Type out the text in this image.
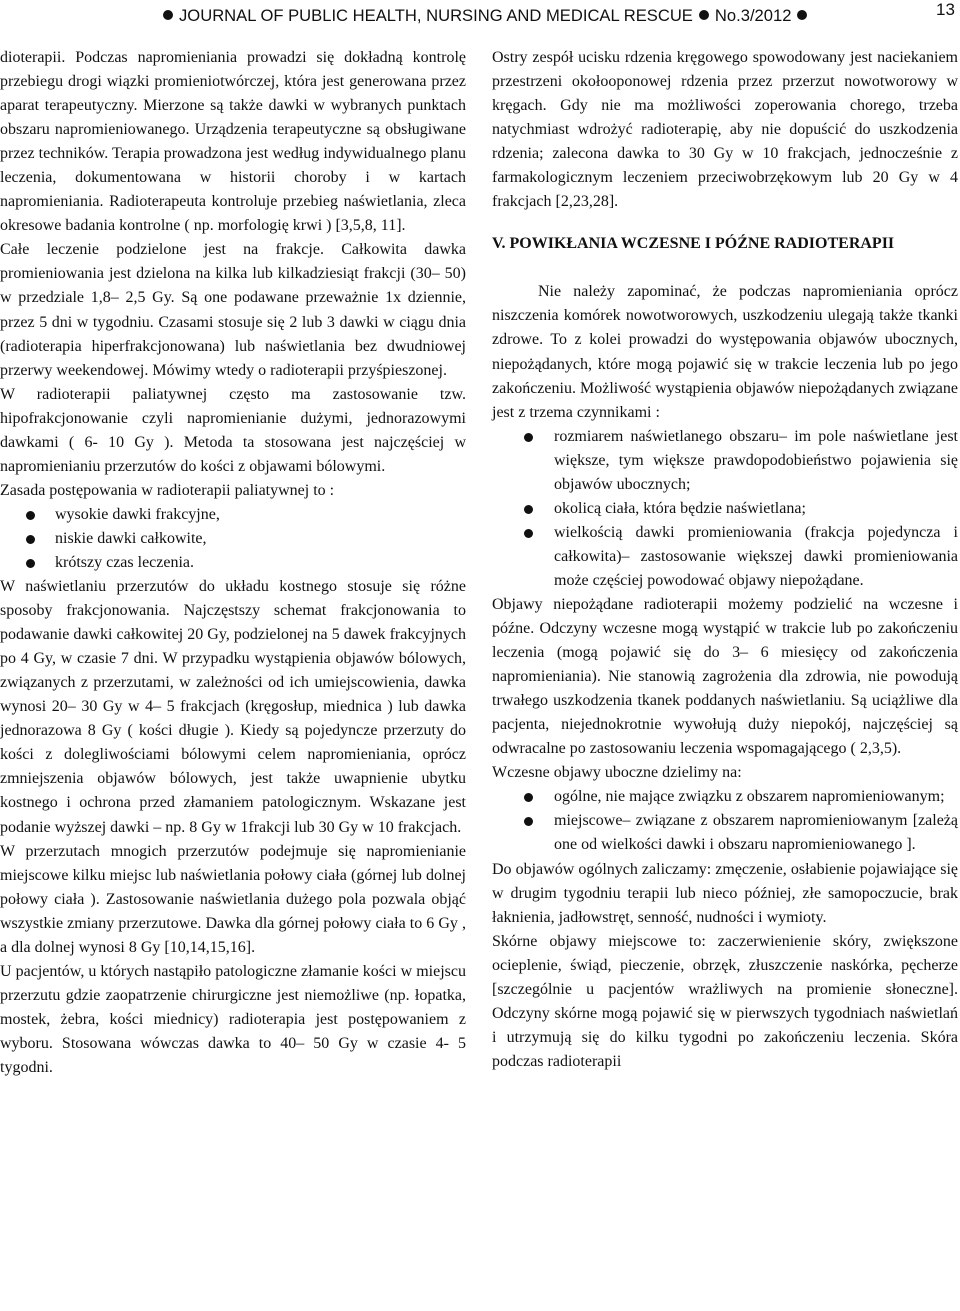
JOURNAL OF PUBLIC HEALTH, NURSING AND MEDICAL RESCUE No.3/2012	13

dioterapii. Podczas napromieniania prowadzi się dokładną kontrolę przebiegu drogi wiązki promieniotwórczej, która jest generowana przez aparat terapeutyczny. Mierzone są także dawki w wybranych punktach obszaru napromieniowanego. Urządzenia terapeutyczne są obsługiwane przez techników. Terapia prowadzona jest według indywidualnego planu leczenia, dokumentowana w historii choroby i w kartach napromieniania. Radioterapeuta kontroluje przebieg naświetlania, zleca okresowe badania kontrolne ( np. morfologię krwi ) [3,5,8, 11].

Całe leczenie podzielone jest na frakcje. Całkowita dawka promieniowania jest dzielona na kilka lub kilkadziesiąt frakcji (30– 50) w przedziale 1,8– 2,5 Gy. Są one podawane przeważnie 1x dziennie, przez 5 dni w tygodniu. Czasami stosuje się 2 lub 3 dawki w ciągu dnia (radioterapia hiperfrakcjonowana) lub naświetlania bez dwudniowej przerwy weekendowej. Mówimy wtedy o radioterapii przyśpieszonej.

W radioterapii paliatywnej często ma zastosowanie tzw. hipofrakcjonowanie czyli napromienianie dużymi, jednorazowymi dawkami ( 6- 10 Gy ). Metoda ta stosowana jest najczęściej w napromienianiu przerzutów do kości z objawami bólowymi.

Zasada postępowania w radioterapii paliatywnej to :

wysokie dawki frakcyjne,
niskie dawki całkowite,
krótszy czas leczenia.

W naświetlaniu przerzutów do układu kostnego stosuje się różne sposoby frakcjonowania. Najczęstszy schemat frakcjonowania to podawanie dawki całkowitej 20 Gy, podzielonej na 5 dawek frakcyjnych po 4 Gy, w czasie 7 dni. W przypadku wystąpienia objawów bólowych, związanych z przerzutami, w zależności od ich umiejscowienia, dawka wynosi 20– 30 Gy w 4– 5 frakcjach (kręgosłup, miednica ) lub dawka jednorazowa 8 Gy ( kości długie ). Kiedy są pojedyncze przerzuty do kości z dolegliwościami bólowymi celem napromieniania, oprócz zmniejszenia objawów bólowych, jest także uwapnienie ubytku kostnego i ochrona przed złamaniem patologicznym. Wskazane jest podanie wyższej dawki – np. 8 Gy w 1frakcji lub 30 Gy w 10 frakcjach.

W przerzutach mnogich przerzutów podejmuje się napromienianie miejscowe kilku miejsc lub naświetlania połowy ciała (górnej lub dolnej połowy ciała ). Zastosowanie naświetlania dużego pola pozwala objąć wszystkie zmiany przerzutowe. Dawka dla górnej połowy ciała to 6 Gy , a dla dolnej wynosi 8 Gy [10,14,15,16].

U pacjentów, u których nastąpiło patologiczne złamanie kości w miejscu przerzutu gdzie zaopatrzenie chirurgiczne jest niemożliwe (np. łopatka, mostek, żebra, kości miednicy) radioterapia jest postępowaniem z wyboru. Stosowana wówczas dawka to 40– 50 Gy w czasie 4- 5 tygodni.

Ostry zespół ucisku rdzenia kręgowego spowodowany jest naciekaniem przestrzeni okołooponowej rdzenia przez przerzut nowotworowy w kręgach. Gdy nie ma możliwości zoperowania chorego, trzeba natychmiast wdrożyć radioterapię, aby nie dopuścić do uszkodzenia rdzenia; zalecona dawka to 30 Gy w 10 frakcjach, jednocześnie z farmakologicznym leczeniem przeciwobrzękowym lub 20 Gy w 4 frakcjach [2,23,28].

V. POWIKŁANIA WCZESNE I PÓŹNE RADIOTERAPII

Nie należy zapominać, że podczas napromieniania oprócz niszczenia komórek nowotworowych, uszkodzeniu ulegają także tkanki zdrowe. To z kolei prowadzi do występowania objawów ubocznych, niepożądanych, które mogą pojawić się w trakcie leczenia lub po jego zakończeniu. Możliwość wystąpienia objawów niepożądanych związane jest z trzema czynnikami :

rozmiarem naświetlanego obszaru– im pole naświetlane jest większe, tym większe prawdopodobieństwo pojawienia się objawów ubocznych;
okolicą ciała, która będzie naświetlana;
wielkością dawki promieniowania (frakcja pojedyncza i całkowita)– zastosowanie większej dawki promieniowania może częściej powodować objawy niepożądane.

Objawy niepożądane radioterapii możemy podzielić na wczesne i późne. Odczyny wczesne mogą wystąpić w trakcie lub po zakończeniu leczenia (mogą pojawić się do 3– 6 miesięcy od zakończenia napromieniania). Nie stanowią zagrożenia dla zdrowia, nie powodują trwałego uszkodzenia tkanek poddanych naświetlaniu. Są uciążliwe dla pacjenta, niejednokrotnie wywołują duży niepokój, najczęściej są odwracalne po zastosowaniu leczenia wspomagającego ( 2,3,5).

Wczesne objawy uboczne dzielimy na:

ogólne, nie mające związku z obszarem napromieniowanym;
miejscowe– związane z obszarem napromieniowanym [zależą one od wielkości dawki i obszaru napromieniowanego ].

Do objawów ogólnych zaliczamy: zmęczenie, osłabienie pojawiające się w drugim tygodniu terapii lub nieco później, złe samopoczucie, brak łaknienia, jadłowstręt, senność, nudności i wymioty.

Skórne objawy miejscowe to: zaczerwienienie skóry, zwiększone ocieplenie, świąd, pieczenie, obrzęk, złuszczenie naskórka, pęcherze [szczególnie u pacjentów wrażliwych na promienie słoneczne]. Odczyny skórne mogą pojawić się w pierwszych tygodniach naświetlań i utrzymują się do kilku tygodni po zakończeniu leczenia. Skóra podczas radioterapii
